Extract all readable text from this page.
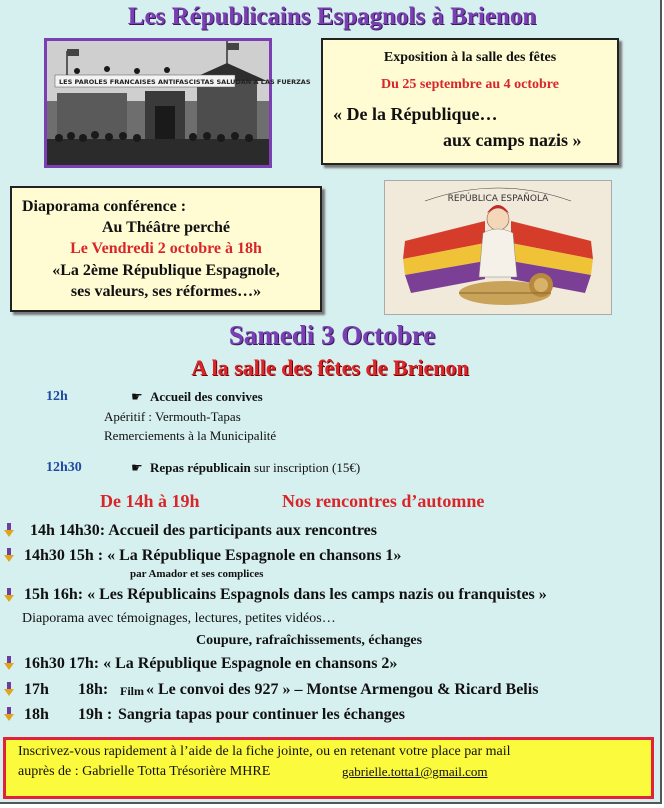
Les Républicains Espagnols à Brienon
LES PAROLES FRANCAISES ANTIFASCISTAS SALUDAN A LAS FUERZAS
Exposition à la salle des fêtes
Du 25 septembre au 4 octobre
« De la République…
aux camps nazis »
Diaporama conférence :
Au Théâtre perché
Le Vendredi 2 octobre à 18h
«La 2ème République Espagnole,
ses valeurs, ses réformes…»
REPÚBLICA ESPAÑOLA
Samedi 3 Octobre
A la salle des fêtes de Brienon
12h	☛ Accueil des convives
Apéritif : Vermouth-Tapas
Remerciements à la Municipalité
12h30	☛ Repas républicain sur inscription (15€)
De 14h à 19h	Nos rencontres d’automne
14h 14h30: Accueil des participants aux rencontres
14h30 15h : « La République Espagnole en chansons 1»
par Amador et ses complices
15h 16h: « Les Républicains Espagnols dans les camps nazis ou franquistes »
Diaporama avec témoignages, lectures, petites vidéos…
Coupure, rafraîchissements, échanges
16h30 17h: « La République Espagnole en chansons 2»
17h 18h: Film « Le convoi des 927 » – Montse Armengou & Ricard Belis
18h 19h : Sangria tapas pour continuer les échanges
Inscrivez-vous rapidement à l’aide de la fiche jointe, ou en retenant votre place par mail
auprès de : Gabrielle Totta Trésorière MHRE	gabrielle.totta1@gmail.com
